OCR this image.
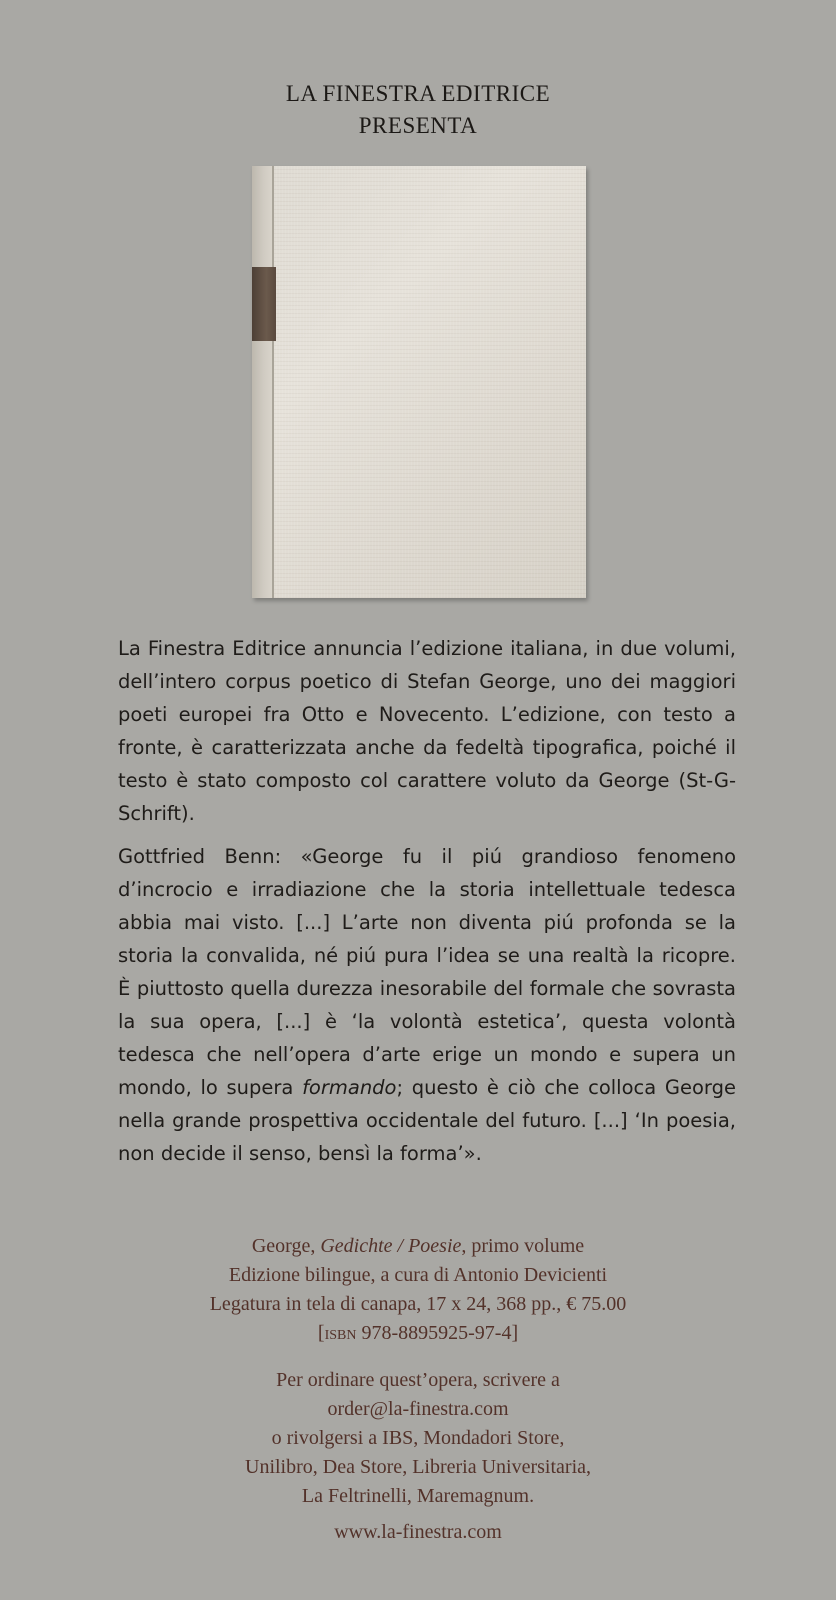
LA FINESTRA EDITRICE
PRESENTA

La Finestra Editrice annuncia l’edizione italiana, in due volumi, dell’intero corpus poetico di Stefan George, uno dei maggiori poeti europei fra Otto e Novecento. L’edizione, con testo a fronte, è caratterizzata anche da fedeltà tipografica, poiché il testo è stato composto col carattere voluto da George (St-G-Schrift).

Gottfried Benn: «George fu il piú grandioso fenomeno d’incrocio e irradiazione che la storia intellettuale tedesca abbia mai visto. [...] L’arte non diventa piú profonda se la storia la convalida, né piú pura l’idea se una realtà la ricopre. È piuttosto quella durezza inesorabile del formale che sovrasta la sua opera, [...] è ‘la volontà estetica’, questa volontà tedesca che nell’opera d’arte erige un mondo e supera un mondo, lo supera formando; questo è ciò che colloca George nella grande prospettiva occidentale del futuro. [...] ‘In poesia, non decide il senso, bensì la forma’».

George, Gedichte / Poesie, primo volume
Edizione bilingue, a cura di Antonio Devicienti
Legatura in tela di canapa, 17 x 24, 368 pp., € 75.00
[isbn 978-8895925-97-4]
Per ordinare quest’opera, scrivere a
order@la-finestra.com
o rivolgersi a IBS, Mondadori Store,
Unilibro, Dea Store, Libreria Universitaria,
La Feltrinelli, Maremagnum.
www.la-finestra.com
